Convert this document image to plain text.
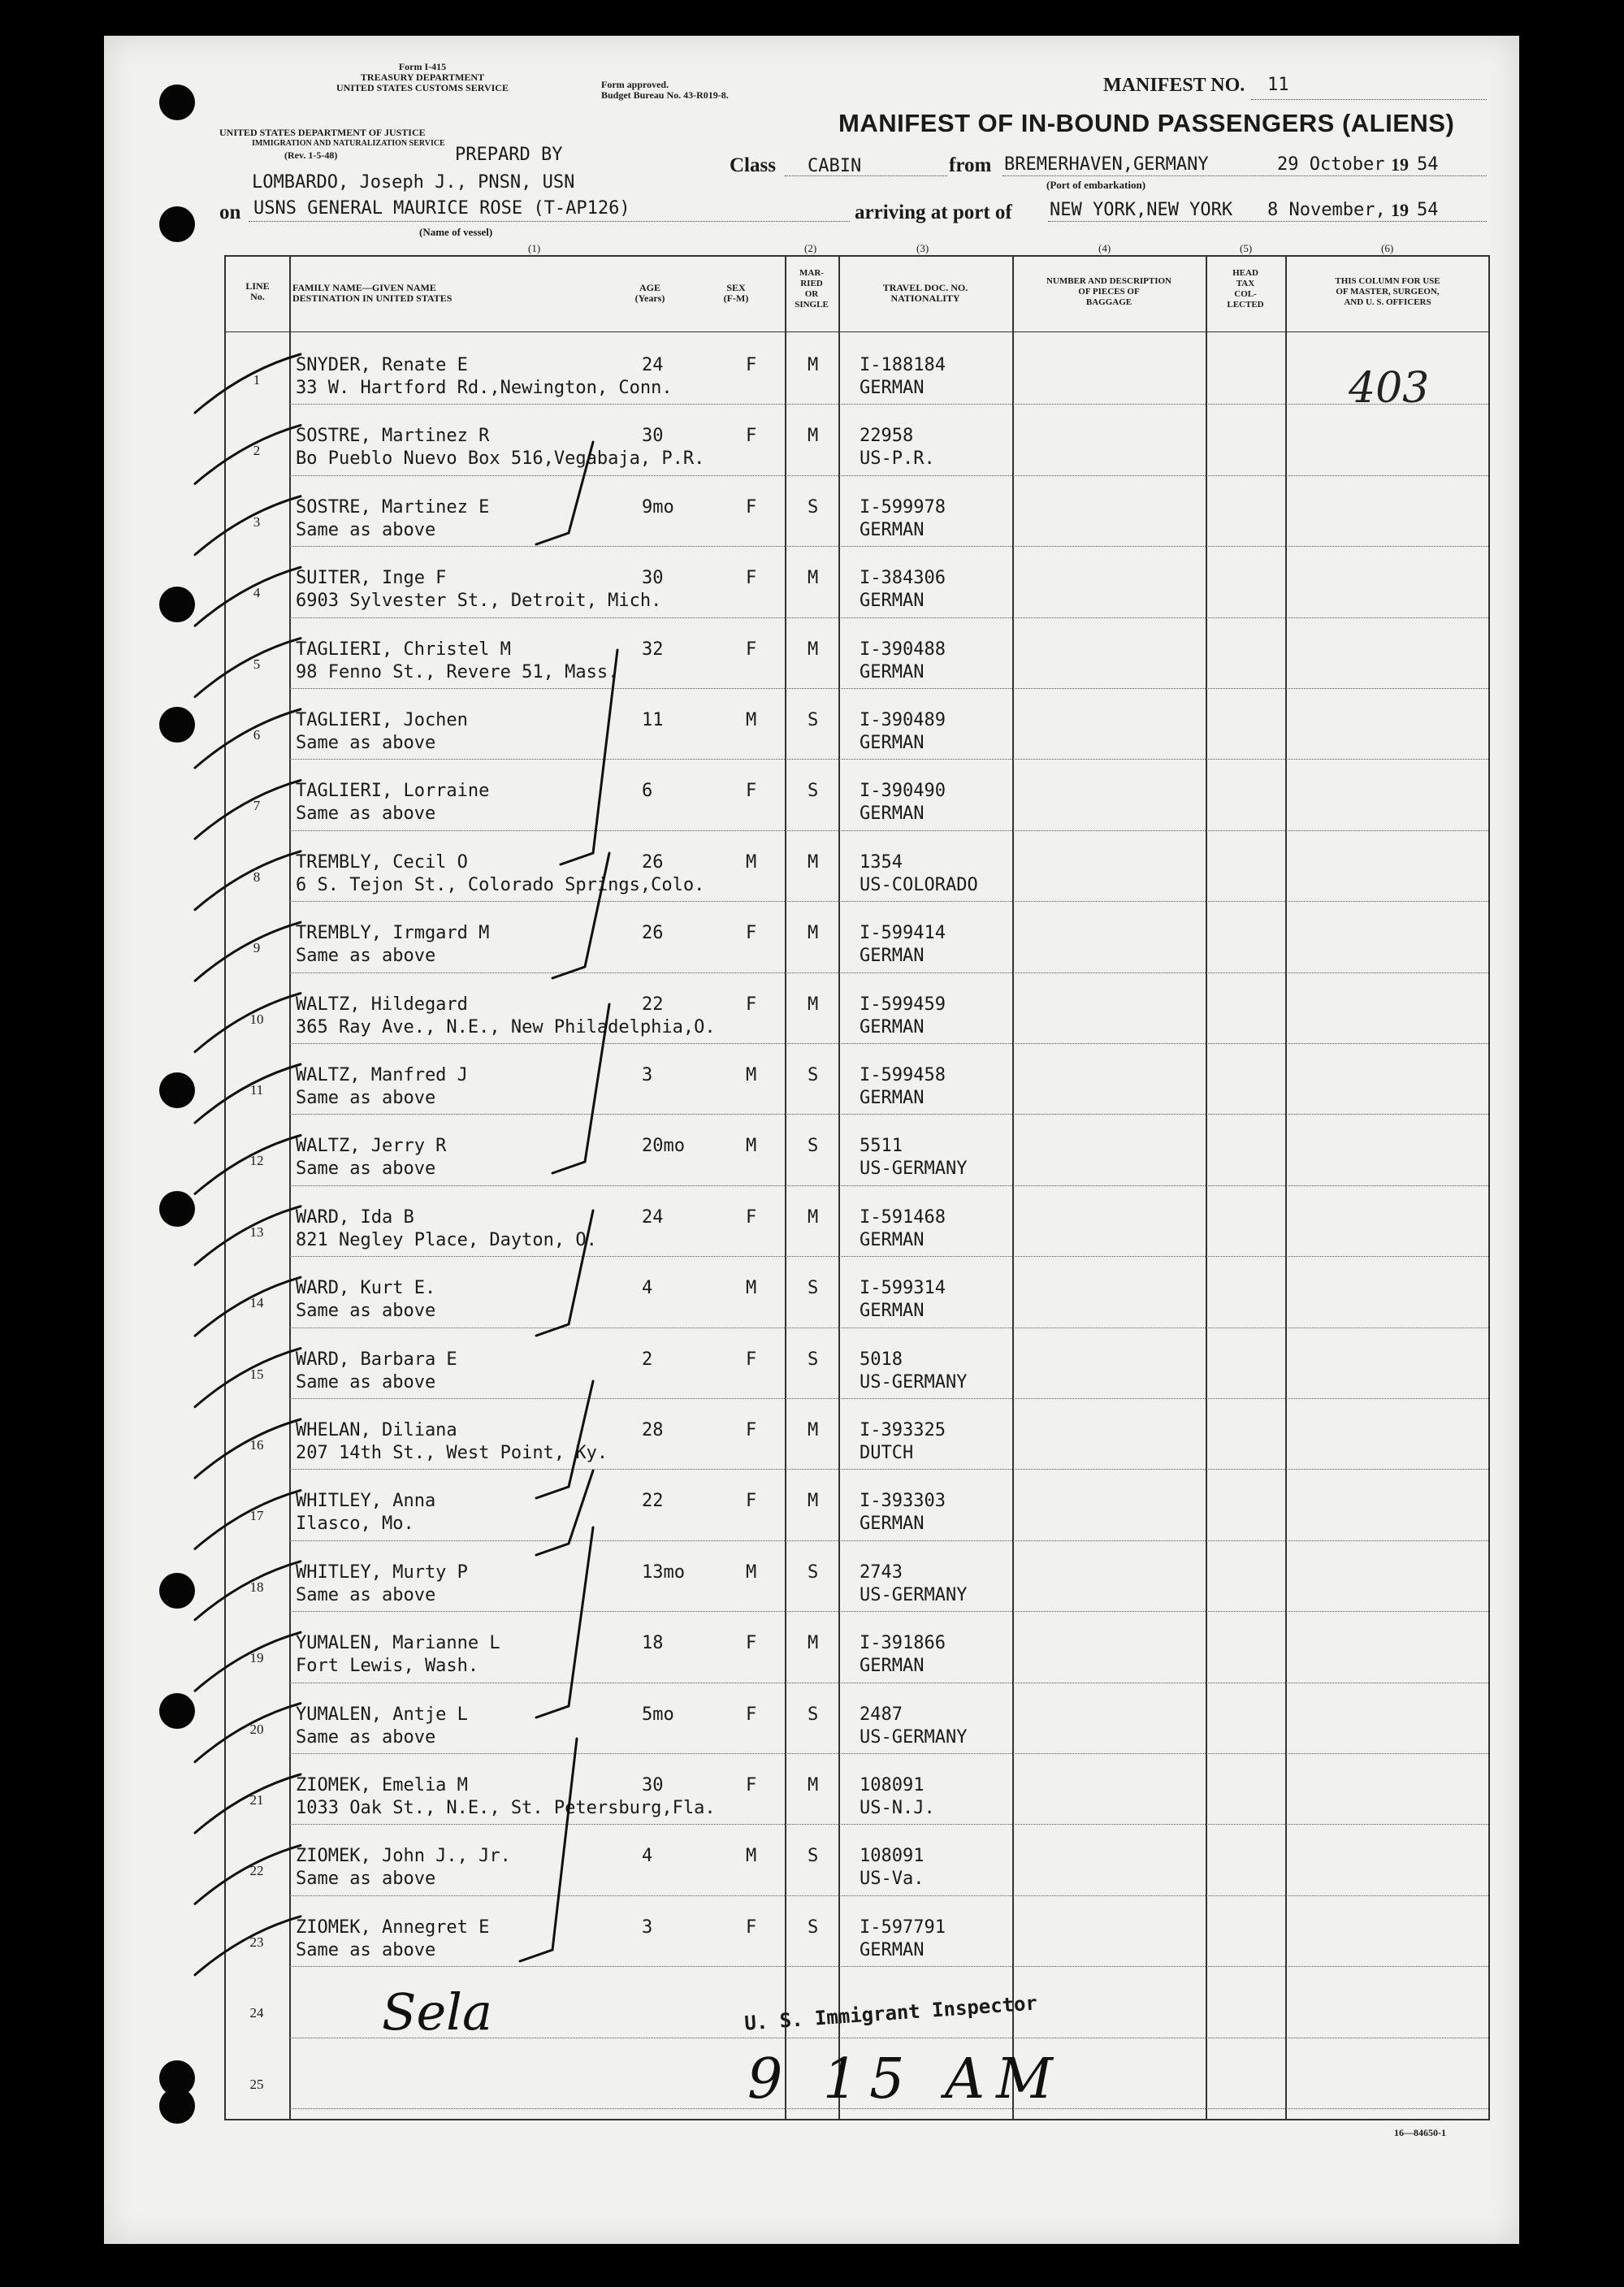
Form I-415
TREASURY DEPARTMENT
UNITED STATES CUSTOMS SERVICE
UNITED STATES DEPARTMENT OF JUSTICE
IMMIGRATION AND NATURALIZATION SERVICE
(Rev. 1-5-48)
Form approved.
Budget Bureau No. 43-R019-8.	MANIFEST NO. 11
MANIFEST OF IN-BOUND PASSENGERS (ALIENS)
PREPARD BY
LOMBARDO, Joseph J., PNSN, USN
Class CABIN	from BREMERHAVEN,GERMANY	29 October 19 54
(Port of embarkation)
on USNS GENERAL MAURICE ROSE (T-AP126)
(Name of vessel)
arriving at port of NEW YORK,NEW YORK 8 November, 19 54
(1)	(2)	(3)	(4)	(5)	(6)
LINE
No.
FAMILY NAME—GIVEN NAME
DESTINATION IN UNITED STATES
AGE
(Years)
SEX
(F-M)
MAR-
RIED
OR
SINGLE
TRAVEL DOC. NO.
NATIONALITY
NUMBER AND DESCRIPTION
OF PIECES OF
BAGGAGE
HEAD
TAX
COL-
LECTED
THIS COLUMN FOR USE
OF MASTER, SURGEON,
AND U. S. OFFICERS
1
SNYDER, Renate E
33 W. Hartford Rd.,Newington, Conn.
24	F	M I-188184
GERMAN
2
SOSTRE, Martinez R
Bo Pueblo Nuevo Box 516,Vegabaja, P.R.
30	F	M 22958
US-P.R.
3
SOSTRE, Martinez E
Same as above
9mo	F	S I-599978
GERMAN
4
SUITER, Inge F
6903 Sylvester St., Detroit, Mich.
30	F	M I-384306
GERMAN
5
TAGLIERI, Christel M
98 Fenno St., Revere 51, Mass.
32	F	M I-390488
GERMAN
6
TAGLIERI, Jochen
Same as above
11	M	S I-390489
GERMAN
7
TAGLIERI, Lorraine
Same as above
6	F	S I-390490
GERMAN
8
TREMBLY, Cecil O
6 S. Tejon St., Colorado Springs,Colo.
26	M	M 1354
US-COLORADO
9
TREMBLY, Irmgard M
Same as above
26	F	M I-599414
GERMAN
10
WALTZ, Hildegard
365 Ray Ave., N.E., New Philadelphia,O.
22	F	M I-599459
GERMAN
11
WALTZ, Manfred J
Same as above
3	M	S I-599458
GERMAN
12
WALTZ, Jerry R
Same as above
20mo	M	S 5511
US-GERMANY
13
WARD, Ida B
821 Negley Place, Dayton, O.
24	F	M I-591468
GERMAN
14
WARD, Kurt E.
Same as above
4	M	S I-599314
GERMAN
15
WARD, Barbara E
Same as above
2	F	S 5018
US-GERMANY
16
WHELAN, Diliana
207 14th St., West Point, Ky.
28	F	M I-393325
DUTCH
17
WHITLEY, Anna
Ilasco, Mo.
22	F	M I-393303
GERMAN
18
WHITLEY, Murty P
Same as above
13mo	M	S 2743
US-GERMANY
19
YUMALEN, Marianne L
Fort Lewis, Wash.
18	F	M I-391866
GERMAN
20
YUMALEN, Antje L
Same as above
5mo	F	S 2487
US-GERMANY
21
ZIOMEK, Emelia M
1033 Oak St., N.E., St. Petersburg,Fla.
30	F	M 108091
US-N.J.
22
ZIOMEK, John J., Jr.
Same as above
4	M	S 108091
US-Va.
23
ZIOMEK, Annegret E
Same as above
3	F	S I-597791
GERMAN
24
25
403
Sela	U. S. Immigrant Inspector
9 15 AM
16—84650-1
